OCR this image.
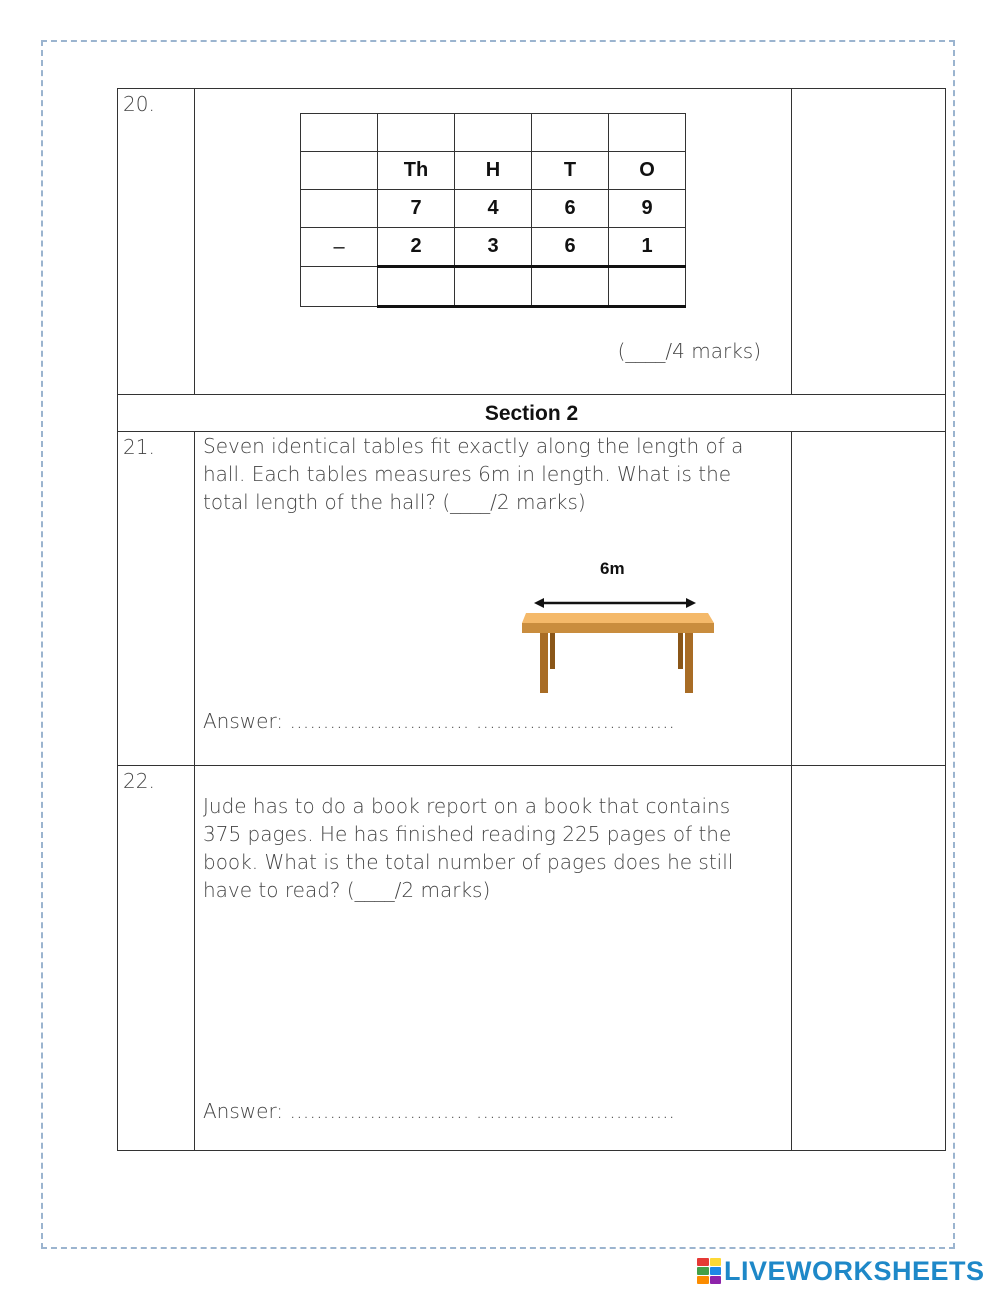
20.

	Th	H	T	O
	7	4	6	9
–	2	3	6	1

(____/4 marks)
Section 2
21. Seven identical tables fit exactly along the length of a hall. Each tables measures 6m in length. What is the total length of the hall? (____/2 marks)
6m
Answer: ……………………… ………………………...
22.
Jude has to do a book report on a book that contains 375 pages. He has finished reading 225 pages of the book. What is the total number of pages does he still have to read? (____/2 marks)
Answer: ……………………… ………………………...
LIVEWORKSHEETS
